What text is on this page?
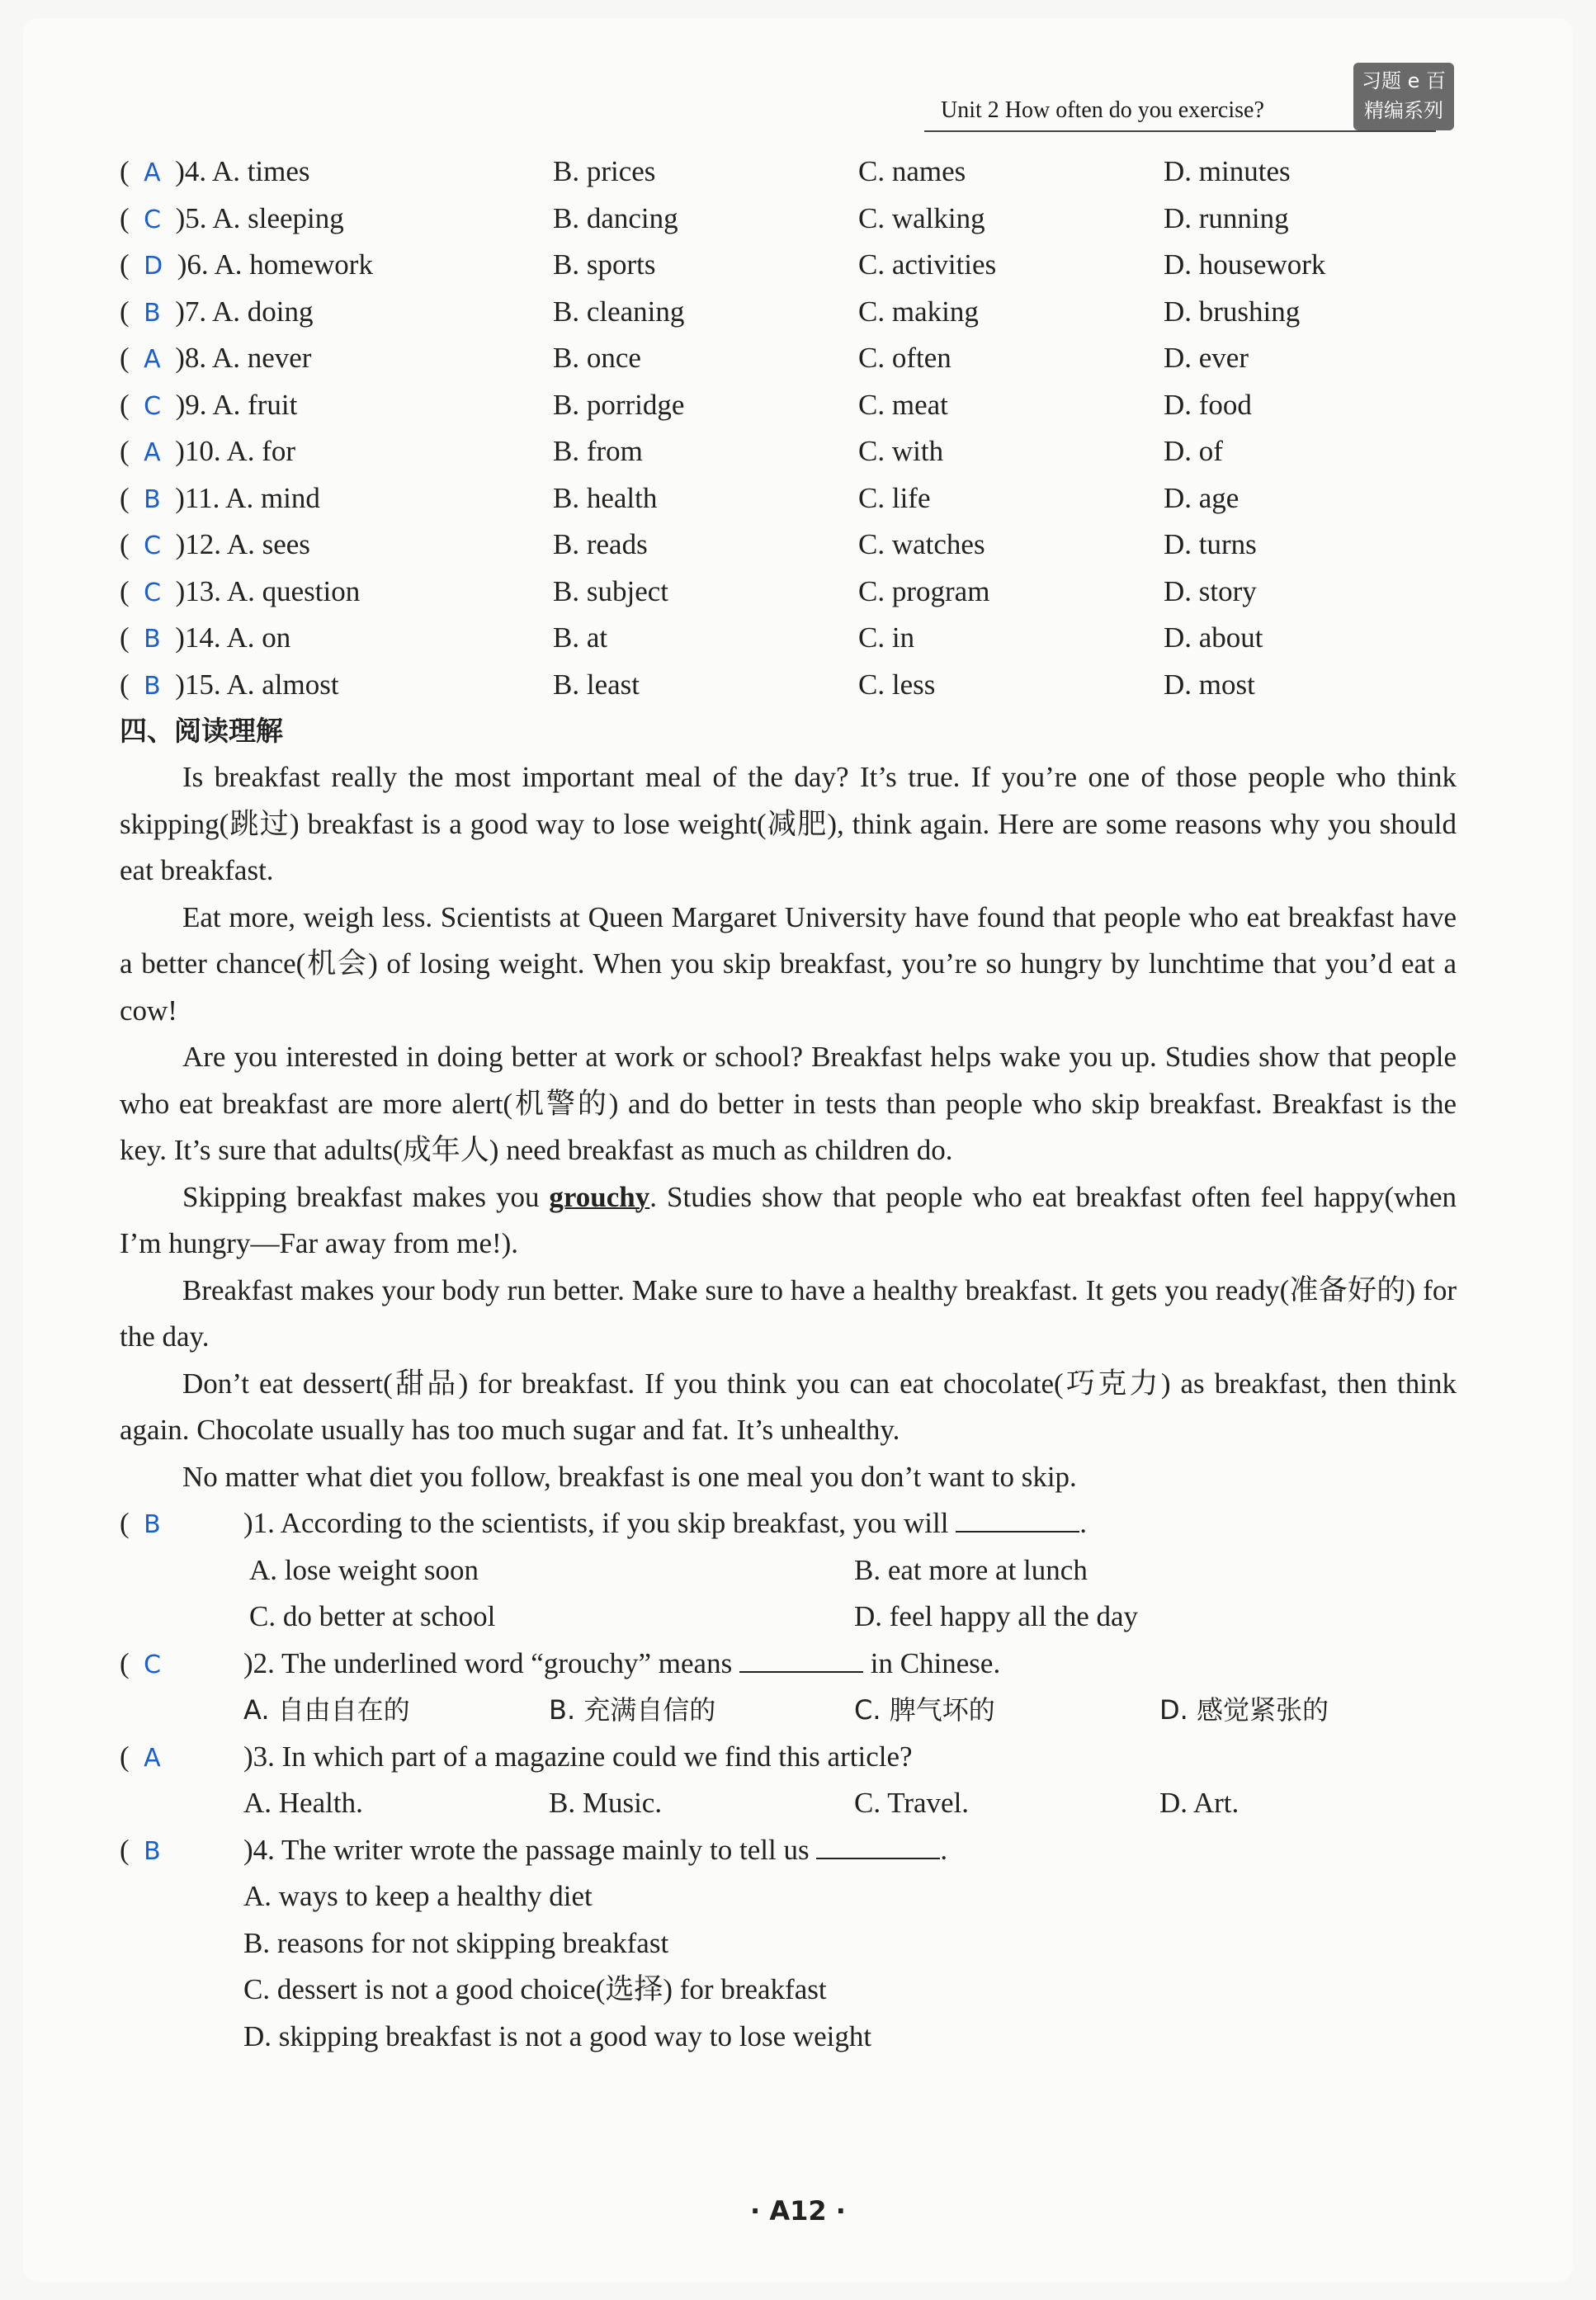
Unit 2 How often do you exercise?
习题 e 百
精编系列
(  A )4. A. times	B. prices	C. names	D. minutes
(  C )5. A. sleeping	B. dancing	C. walking	D. running
(  D )6. A. homework	B. sports	C. activities	D. housework
(  B )7. A. doing	B. cleaning	C. making	D. brushing
(  A )8. A. never	B. once	C. often	D. ever
(  C )9. A. fruit	B. porridge	C. meat	D. food
(  A )10. A. for	B. from	C. with	D. of
(  B )11. A. mind	B. health	C. life	D. age
(  C )12. A. sees	B. reads	C. watches	D. turns
(  C )13. A. question	B. subject	C. program	D. story
(  B )14. A. on	B. at	C. in	D. about
(  B )15. A. almost	B. least	C. less	D. most
四、阅读理解

Is breakfast really the most important meal of the day? It’s true. If you’re one of those people who think skipping(跳过) breakfast is a good way to lose weight(减肥), think again. Here are some reasons why you should eat breakfast.

Eat more, weigh less. Scientists at Queen Margaret University have found that people who eat breakfast have a better chance(机会) of losing weight. When you skip breakfast, you’re so hungry by lunchtime that you’d eat a cow!

Are you interested in doing better at work or school? Breakfast helps wake you up. Studies show that people who eat breakfast are more alert(机警的) and do better in tests than people who skip breakfast. Breakfast is the key. It’s sure that adults(成年人) need breakfast as much as children do.

Skipping breakfast makes you grouchy. Studies show that people who eat breakfast often feel happy(when I’m hungry—Far away from me!).

Breakfast makes your body run better. Make sure to have a healthy breakfast. It gets you ready(准备好的) for the day.

Don’t eat dessert(甜品) for breakfast. If you think you can eat chocolate(巧克力) as breakfast, then think again. Chocolate usually has too much sugar and fat. It’s unhealthy.

No matter what diet you follow, breakfast is one meal you don’t want to skip.

(  B	)1. According to the scientists, if you skip breakfast, you will	.
A. lose weight soon	B. eat more at lunch
C. do better at school	D. feel happy all the day
(  C	)2. The underlined word “grouchy” means	in Chinese.
A. 自由自在的	B. 充满自信的	C. 脾气坏的	D. 感觉紧张的
(  A	)3. In which part of a magazine could we find this article?
A. Health.	B. Music.	C. Travel.	D. Art.
(  B	)4. The writer wrote the passage mainly to tell us	.
A. ways to keep a healthy diet
B. reasons for not skipping breakfast
C. dessert is not a good choice(选择) for breakfast
D. skipping breakfast is not a good way to lose weight
· A12 ·
